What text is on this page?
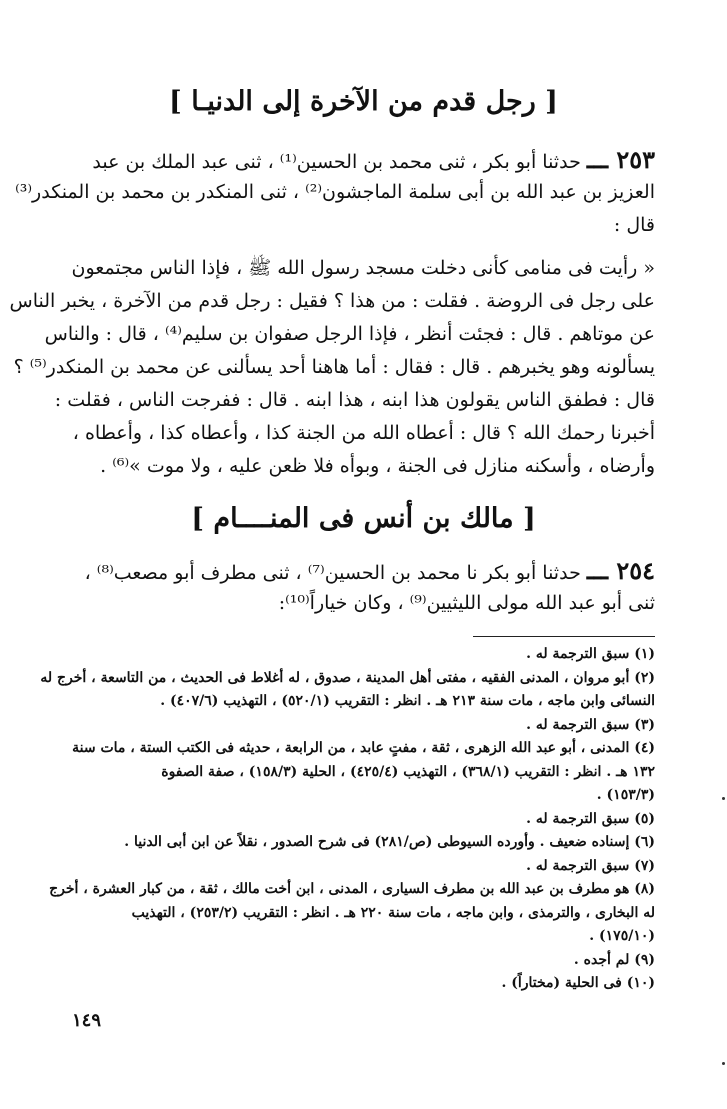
[ رجل قدم من الآخرة إلى الدنيـا ]
٢٥٣ ـــ حدثنا أبو بكر ، ثنى محمد بن الحسين⁽¹⁾ ، ثنى عبد الملك بن عبد
العزيز بن عبد الله بن أبى سلمة الماجشون⁽²⁾ ، ثنى المنكدر بن محمد بن المنكدر⁽³⁾
قال :
« رأيت فى منامى كأنى دخلت مسجد رسول الله ﷺ ، فإذا الناس مجتمعون
على رجل فى الروضة . فقلت : من هذا ؟ فقيل : رجل قدم من الآخرة ، يخبر الناس
عن موتاهم . قال : فجئت أنظر ، فإذا الرجل صفوان بن سليم⁽⁴⁾ ، قال : والناس
يسألونه وهو يخبرهم . قال : فقال : أما هاهنا أحد يسألنى عن محمد بن المنكدر⁽⁵⁾ ؟
قال : فطفق الناس يقولون هذا ابنه ، هذا ابنه . قال : ففرجت الناس ، فقلت :
أخبرنا رحمك الله ؟ قال : أعطاه الله من الجنة كذا ، وأعطاه كذا ، وأعطاه ،
وأرضاه ، وأسكنه منازل فى الجنة ، وبوأه فلا ظعن عليه ، ولا موت »⁽⁶⁾ .
[ مالك بن أنس فى المنــــام ]
٢٥٤ ـــ حدثنا أبو بكر نا محمد بن الحسين⁽⁷⁾ ، ثنى مطرف أبو مصعب⁽⁸⁾ ،
ثنى أبو عبد الله مولى الليثيين⁽⁹⁾ ، وكان خياراً⁽¹⁰⁾:
(١) سبق الترجمة له .
(٢) أبو مروان ، المدنى الفقيه ، مفتى أهل المدينة ، صدوق ، له أغلاط فى الحديث ، من التاسعة ، أخرج له
النسائى وابن ماجه ، مات سنة ٢١٣ هـ . انظر : التقريب (٥٢٠/١) ، التهذيب (٤٠٧/٦) .
(٣) سبق الترجمة له .
(٤) المدنى ، أبو عبد الله الزهرى ، ثقة ، مفتٍ عابد ، من الرابعة ، حديثه فى الكتب الستة ، مات سنة
١٣٢ هـ . انظر : التقريب (٣٦٨/١) ، التهذيب (٤٢٥/٤) ، الحلية (١٥٨/٣) ، صفة الصفوة
(١٥٣/٣) .
(٥) سبق الترجمة له .
(٦) إسناده ضعيف . وأورده السيوطى (ص/٢٨١) فى شرح الصدور ، نقلاً عن ابن أبى الدنيا .
(٧) سبق الترجمة له .
(٨) هو مطرف بن عبد الله بن مطرف السيارى ، المدنى ، ابن أخت مالك ، ثقة ، من كبار العشرة ، أخرج
له البخارى ، والترمذى ، وابن ماجه ، مات سنة ٢٢٠ هـ . انظر : التقريب (٢٥٣/٢) ، التهذيب
(١٧٥/١٠) .
(٩) لم أجده .
(١٠) فى الحلية (مختاراً) .
١٤٩
